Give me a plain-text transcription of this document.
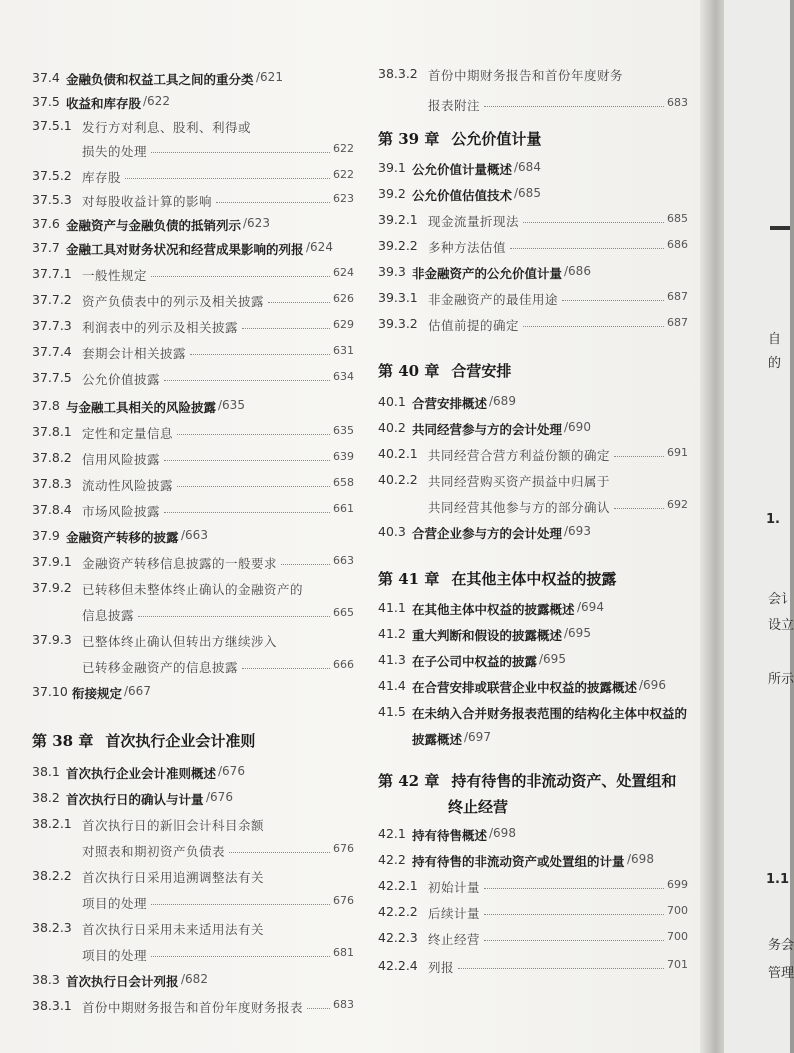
37.4 金融负债和权益工具之间的重分类 /621
37.5 收益和库存股 /622
37.5.1 发行方对利息、股利、利得或
损失的处理	622
37.5.2 库存股	622
37.5.3 对每股收益计算的影响	623
37.6 金融资产与金融负债的抵销列示 /623
37.7 金融工具对财务状况和经营成果影响的列报 /624
37.7.1 一般性规定	624
37.7.2 资产负债表中的列示及相关披露	626
37.7.3 利润表中的列示及相关披露	629
37.7.4 套期会计相关披露	631
37.7.5 公允价值披露	634
37.8 与金融工具相关的风险披露 /635
37.8.1 定性和定量信息	635
37.8.2 信用风险披露	639
37.8.3 流动性风险披露	658
37.8.4 市场风险披露	661
37.9 金融资产转移的披露 /663
37.9.1 金融资产转移信息披露的一般要求	663
37.9.2 已转移但未整体终止确认的金融资产的
信息披露	665
37.9.3 已整体终止确认但转出方继续涉入
已转移金融资产的信息披露	666
37.10 衔接规定 /667
第 38 章 首次执行企业会计准则
38.1 首次执行企业会计准则概述 /676
38.2 首次执行日的确认与计量 /676
38.2.1 首次执行日的新旧会计科目余额
对照表和期初资产负债表	676
38.2.2 首次执行日采用追溯调整法有关
项目的处理	676
38.2.3 首次执行日采用未来适用法有关
项目的处理	681
38.3 首次执行日会计列报 /682
38.3.1 首份中期财务报告和首份年度财务报表	683
38.3.2 首份中期财务报告和首份年度财务
报表附注	683
第 39 章 公允价值计量
39.1 公允价值计量概述 /684
39.2 公允价值估值技术 /685
39.2.1 现金流量折现法	685
39.2.2 多种方法估值	686
39.3 非金融资产的公允价值计量 /686
39.3.1 非金融资产的最佳用途	687
39.3.2 估值前提的确定	687
第 40 章 合营安排
40.1 合营安排概述 /689
40.2 共同经营参与方的会计处理 /690
40.2.1 共同经营合营方利益份额的确定	691
40.2.2 共同经营购买资产损益中归属于
共同经营其他参与方的部分确认	692
40.3 合营企业参与方的会计处理 /693
第 41 章 在其他主体中权益的披露
41.1 在其他主体中权益的披露概述 /694
41.2 重大判断和假设的披露概述 /695
41.3 在子公司中权益的披露 /695
41.4 在合营安排或联营企业中权益的披露概述 /696
41.5 在未纳入合并财务报表范围的结构化主体中权益的
披露概述 /697
第 42 章 持有待售的非流动资产、处置组和
终止经营
42.1 持有待售概述 /698
42.2 持有待售的非流动资产或处置组的计量 /698
42.2.1 初始计量	699
42.2.2 后续计量	700
42.2.3 终止经营	700
42.2.4 列报	701
自
的
1.
会讠
设立
所示
1.1
务会
管理
